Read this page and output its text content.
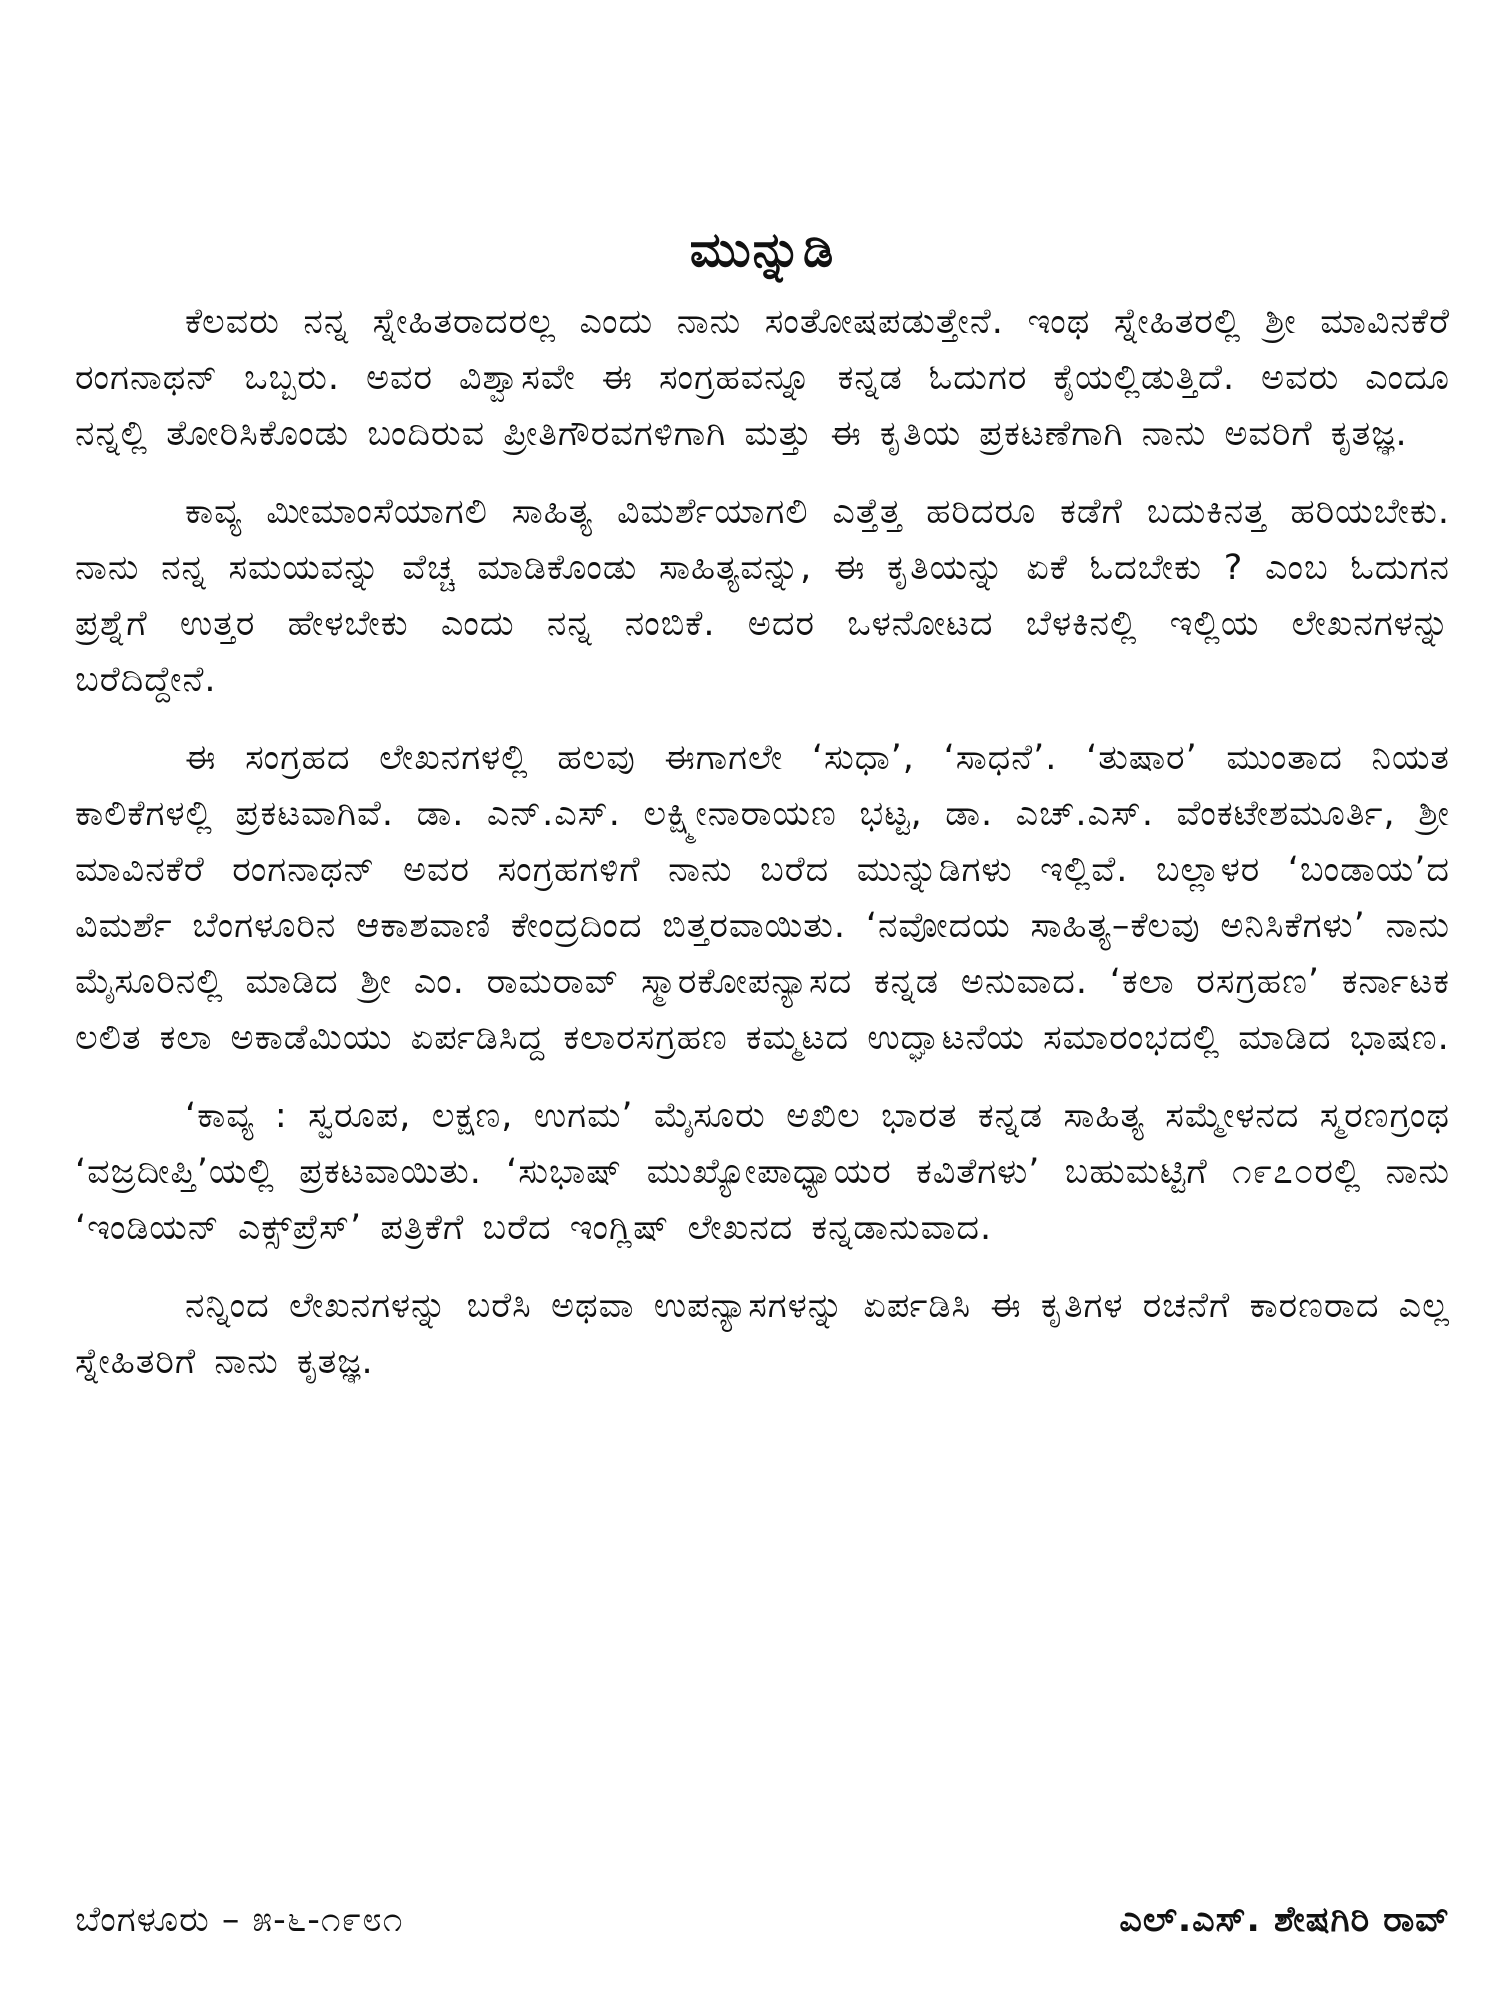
ಮುನ್ನುಡಿ

ಕೆಲವರು ನನ್ನ ಸ್ನೇಹಿತರಾದರಲ್ಲ ಎಂದು ನಾನು ಸಂತೋಷಪಡುತ್ತೇನೆ. ಇಂಥ ಸ್ನೇಹಿತರಲ್ಲಿ ಶ್ರೀ ಮಾವಿನಕೆರೆ ರಂಗನಾಥನ್ ಒಬ್ಬರು. ಅವರ ವಿಶ್ವಾಸವೇ ಈ ಸಂಗ್ರಹವನ್ನೂ ಕನ್ನಡ ಓದುಗರ ಕೈಯಲ್ಲಿಡುತ್ತಿದೆ. ಅವರು ಎಂದೂ ನನ್ನಲ್ಲಿ ತೋರಿಸಿಕೊಂಡು ಬಂದಿರುವ ಪ್ರೀತಿಗೌರವಗಳಿಗಾಗಿ ಮತ್ತು ಈ ಕೃತಿಯ ಪ್ರಕಟಣೆಗಾಗಿ ನಾನು ಅವರಿಗೆ ಕೃತಜ್ಞ.

ಕಾವ್ಯ ಮೀಮಾಂಸೆಯಾಗಲಿ ಸಾಹಿತ್ಯ ವಿಮರ್ಶೆಯಾಗಲಿ ಎತ್ತೆತ್ತ ಹರಿದರೂ ಕಡೆಗೆ ಬದುಕಿನತ್ತ ಹರಿಯಬೇಕು. ನಾನು ನನ್ನ ಸಮಯವನ್ನು ವೆಚ್ಚ ಮಾಡಿಕೊಂಡು ಸಾಹಿತ್ಯವನ್ನು, ಈ ಕೃತಿಯನ್ನು ಏಕೆ ಓದಬೇಕು ? ಎಂಬ ಓದುಗನ ಪ್ರಶ್ನೆಗೆ ಉತ್ತರ ಹೇಳಬೇಕು ಎಂದು ನನ್ನ ನಂಬಿಕೆ. ಅದರ ಒಳನೋಟದ ಬೆಳಕಿನಲ್ಲಿ ಇಲ್ಲಿಯ ಲೇಖನಗಳನ್ನು ಬರೆದಿದ್ದೇನೆ.

ಈ ಸಂಗ್ರಹದ ಲೇಖನಗಳಲ್ಲಿ ಹಲವು ಈಗಾಗಲೇ ‘ಸುಧಾ’, ‘ಸಾಧನೆ’. ‘ತುಷಾರ’ ಮುಂತಾದ ನಿಯತ ಕಾಲಿಕೆಗಳಲ್ಲಿ ಪ್ರಕಟವಾಗಿವೆ. ಡಾ. ಎನ್.ಎಸ್. ಲಕ್ಷ್ಮೀನಾರಾಯಣ ಭಟ್ಟ, ಡಾ. ಎಚ್.ಎಸ್. ವೆಂಕಟೇಶಮೂರ್ತಿ, ಶ್ರೀ ಮಾವಿನಕೆರೆ ರಂಗನಾಥನ್ ಅವರ ಸಂಗ್ರಹಗಳಿಗೆ ನಾನು ಬರೆದ ಮುನ್ನುಡಿಗಳು ಇಲ್ಲಿವೆ. ಬಲ್ಲಾಳರ ‘ಬಂಡಾಯ’ದ ವಿಮರ್ಶೆ ಬೆಂಗಳೂರಿನ ಆಕಾಶವಾಣಿ ಕೇಂದ್ರದಿಂದ ಬಿತ್ತರವಾಯಿತು. ‘ನವೋದಯ ಸಾಹಿತ್ಯ–ಕೆಲವು ಅನಿಸಿಕೆಗಳು’ ನಾನು ಮೈಸೂರಿನಲ್ಲಿ ಮಾಡಿದ ಶ್ರೀ ಎಂ. ರಾಮರಾವ್ ಸ್ಮಾರಕೋಪನ್ಯಾಸದ ಕನ್ನಡ ಅನುವಾದ. ‘ಕಲಾ ರಸಗ್ರಹಣ’ ಕರ್ನಾಟಕ ಲಲಿತ ಕಲಾ ಅಕಾಡೆಮಿಯು ಏರ್ಪಡಿಸಿದ್ದ ಕಲಾರಸಗ್ರಹಣ ಕಮ್ಮಟದ ಉದ್ಘಾಟನೆಯ ಸಮಾರಂಭದಲ್ಲಿ ಮಾಡಿದ ಭಾಷಣ.

‘ಕಾವ್ಯ : ಸ್ವರೂಪ, ಲಕ್ಷಣ, ಉಗಮ’ ಮೈಸೂರು ಅಖಿಲ ಭಾರತ ಕನ್ನಡ ಸಾಹಿತ್ಯ ಸಮ್ಮೇಳನದ ಸ್ಮರಣಗ್ರಂಥ ‘ವಜ್ರದೀಪ್ತಿ’ಯಲ್ಲಿ ಪ್ರಕಟವಾಯಿತು. ‘ಸುಭಾಷ್ ಮುಖ್ಯೋಪಾಧ್ಯಾಯರ ಕವಿತೆಗಳು’ ಬಹುಮಟ್ಟಿಗೆ ೧೯೭೦ರಲ್ಲಿ ನಾನು ‘ಇಂಡಿಯನ್ ಎಕ್ಸ್‌ಪ್ರೆಸ್’ ಪತ್ರಿಕೆಗೆ ಬರೆದ ಇಂಗ್ಲಿಷ್ ಲೇಖನದ ಕನ್ನಡಾನುವಾದ.

ನನ್ನಿಂದ ಲೇಖನಗಳನ್ನು ಬರೆಸಿ ಅಥವಾ ಉಪನ್ಯಾಸಗಳನ್ನು ಏರ್ಪಡಿಸಿ ಈ ಕೃತಿಗಳ ರಚನೆಗೆ ಕಾರಣರಾದ ಎಲ್ಲ ಸ್ನೇಹಿತರಿಗೆ ನಾನು ಕೃತಜ್ಞ.

ಬೆಂಗಳೂರು – ೫-೬-೧೯೮೧	ಎಲ್.ಎಸ್. ಶೇಷಗಿರಿ ರಾವ್
